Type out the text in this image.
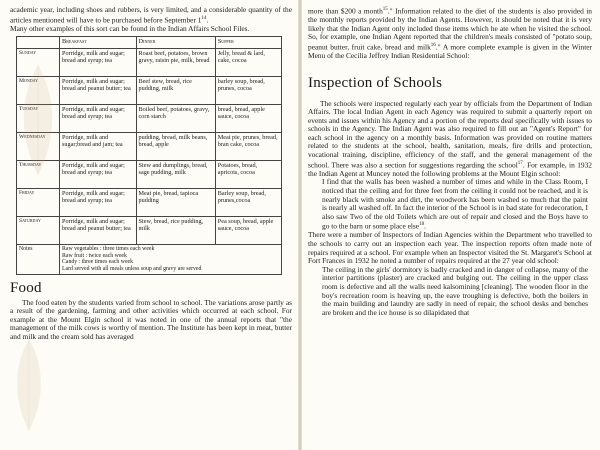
academic year, including shoes and rubbers, is very limited, and a considerable quantity of the articles mentioned will have to be purchased before September $1^{14}$.

Many other examples of this sort can be found in the Indian Affairs School Files.

	Breakfast	Dinner	Supper
Sunday	Porridge, milk and sugar; bread and syrup; tea	Roast beef, potatoes, brown gravy, raisin pie, milk, bread	Jelly, bread & lard, cake, cocoa
Monday	Porridge, milk and sugar; bread and peanut butter; tea	Beef stew, bread, rice pudding, milk	barley soup, bread, prunes, cocoa
Tuesday	Porridge, milk and sugar; bread and syrup; tea	Boiled beef, potatoes, gravy, corn starch	bread, bread, apple sauce, cocoa
Wednesday	Porridge, milk and sugar;bread and jam; tea	pudding, bread, milk beans, bread, apple	Meat pie, prunes, bread, bran cake, cocoa
Thursday	Porridge, milk and sugar; bread and syrup; tea	Stew and dumplings, bread, sage pudding, milk	Potatoes, bread, apricots, cocoa
Friday	Porridge, milk and sugar; bread and syrup; tea	Meat pie, bread, tapioca pudding	Barley soup, bread, prunes,cocoa
Saturday	Porridge, milk and sugar; bread and peanut butter; tea	Stew, bread, rice pudding, milk	Pea soup, bread, apple sauce, cocoa
Notes	Raw vegetables : three times each week
Raw fruit : twice each week
Candy : three times each week
Lard served with all meals unless soup and gravy are served		
Food

The food eaten by the students varied from school to school. The variations arose partly as a result of the gardening, farming and other activities which occurred at each school. For example at the Mount Elgin school it was noted in one of the annual reports that "the management of the milk cows is worthy of mention. The Institute has been kept in meat, butter and milk and the cream sold has averaged

more than $200 a month$^{15}$." Information related to the diet of the students is also provided in the monthly reports provided by the Indian Agents. However, it should be noted that it is very likely that the Indian Agent only included those items which he ate when he visited the school. So, for example, one Indian Agent reported that the children's meals consisted of "potato soup, peanut butter, fruit cake, bread and milk$^{16}$." A more complete example is given in the Winter Menu of the Cecilia Jeffrey Indian Residential School:

Inspection of Schools

The schools were inspected regularly each year by officials from the Department of Indian Affairs. The local Indian Agent in each Agency was required to submit a quarterly report on events and issues within his Agency and a portion of the reports deal specifically with issues to schools in the Agency. The Indian Agent was also required to fill out an "Agent's Report" for each school in the agency on a monthly basis. Information was provided on routine matters related to the students at the school, health, sanitation, meals, fire drills and protection, vocational training, discipline, efficiency of the staff, and the general management of the school. There was also a section for suggestions regarding the school$^{17}$. For example, in 1932 the Indian Agent at Muncey noted the following problems at the Mount Elgin school:

I find that the walls has been washed a number of times and while in the Class Room, I noticed that the ceiling and for three feet from the ceiling it could not be reached, and it is nearly black with smoke and dirt, the woodwork has been washed so much that the paint is nearly all washed off. In fact the interior of the School is in bad state for redecoration, I also saw Two of the old Toilets which are out of repair and closed and the Boys have to go to the barn or some place else$^{18}$.

There were a number of Inspectors of Indian Agencies within the Department who travelled to the schools to carry out an inspection each year. The inspection reports often made note of repairs required at a school. For example when an Inspector visited the St. Margaret's School at Fort Frances in 1932 he noted a number of repairs required at the 27 year old school:

The ceiling in the girls' dormitory is badly cracked and in danger of collapse, many of the interior partitions (plaster) are cracked and bulging out. The ceiling in the upper class room is defective and all the walls need kalsomining [cleaning]. The wooden floor in the boy's recreation room is heaving up, the eave troughing is defective, both the boilers in the main building and laundry are sadly in need of repair, the school desks and benches are broken and the ice house is so dilapidated that
